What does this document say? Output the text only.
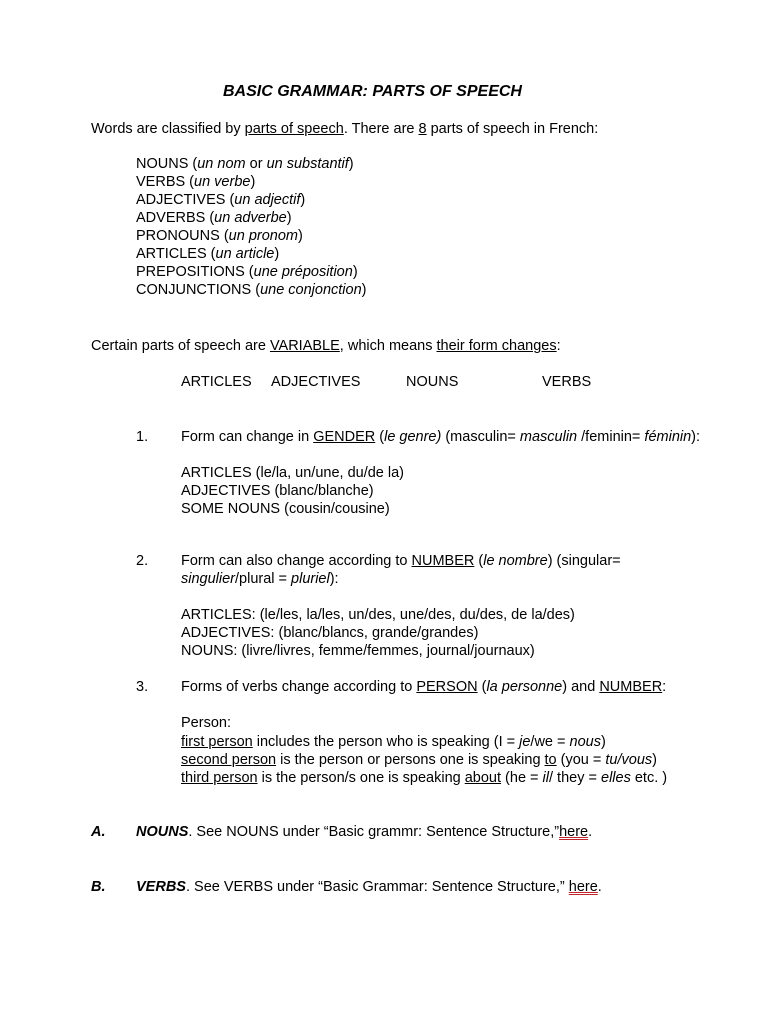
BASIC GRAMMAR: PARTS OF SPEECH
Words are classified by parts of speech. There are 8 parts of speech in French:
NOUNS (un nom or un substantif)
VERBS (un verbe)
ADJECTIVES (un adjectif)
ADVERBS (un adverbe)
PRONOUNS (un pronom)
ARTICLES (un article)
PREPOSITIONS (une préposition)
CONJUNCTIONS (une conjonction)
Certain parts of speech are VARIABLE, which means their form changes:
ARTICLES ADJECTIVES	NOUNS	VERBS
1. Form can change in GENDER (le genre) (masculin= masculin /feminin= féminin):
ARTICLES (le/la, un/une, du/de la)
ADJECTIVES (blanc/blanche)
SOME NOUNS (cousin/cousine)
2. Form can also change according to NUMBER (le nombre) (singular=
singulier/plural = pluriel):
ARTICLES: (le/les, la/les, un/des, une/des, du/des, de la/des)
ADJECTIVES: (blanc/blancs, grande/grandes)
NOUNS: (livre/livres, femme/femmes, journal/journaux)
3. Forms of verbs change according to PERSON (la personne) and NUMBER:
Person:
first person includes the person who is speaking (I = je/we = nous)
second person is the person or persons one is speaking to (you = tu/vous)
third person is the person/s one is speaking about (he = il/ they = elles etc. )
A. NOUNS. See NOUNS under “Basic grammr: Sentence Structure,”here.
B. VERBS. See VERBS under “Basic Grammar: Sentence Structure,” here.
